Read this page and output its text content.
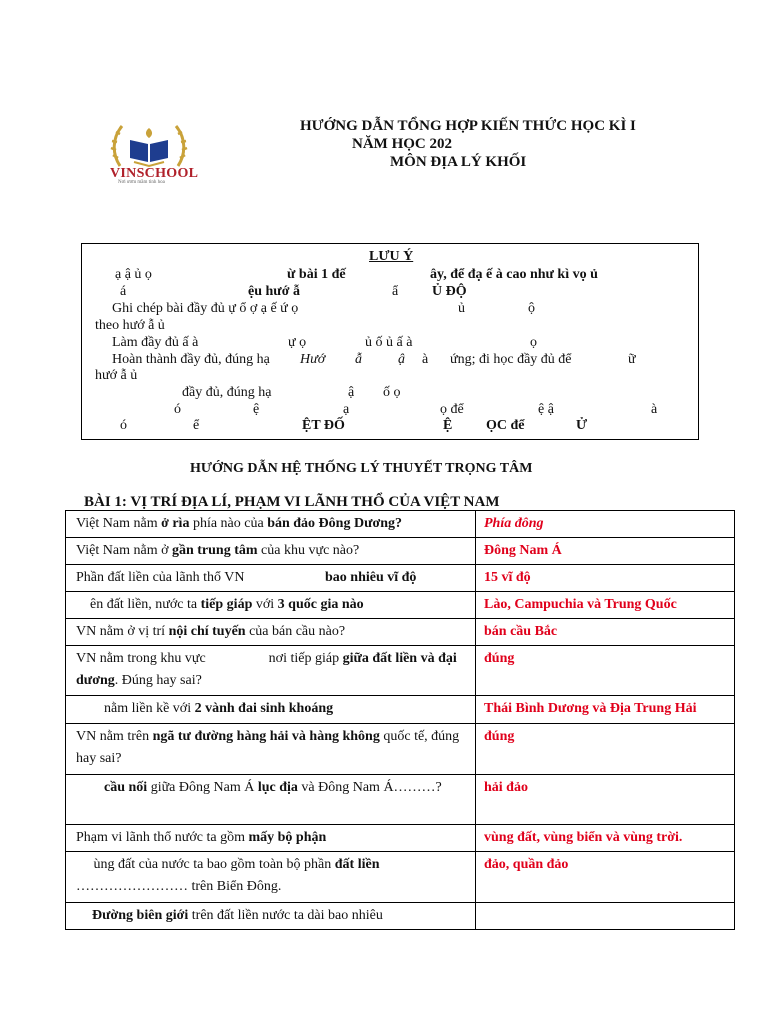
VINSCHOOL
Nơi ươm mầm tinh hoa
HƯỚNG DẪN TỔNG HỢP KIẾN THỨC HỌC KÌ I
NĂM HỌC 202
MÔN ĐỊA LÝ KHỐI
LƯU Ý
ạ ậ ủ ọ	ừ bài 1 đế	ây, để đạ ế à cao như kì vọ ủ
á	ệu hướ ẫ	ẩ Ủ ĐỘ
Ghi chép bài đầy đủ ự ổ ợ ạ ế ứ ọ	ủ	ộ
theo hướ ẫ ủ
Làm đầy đủ ấ à	ự ọ	ủ ố ủ ấ à	ọ
Hoàn thành đầy đủ, đúng hạ Hướ ẫ	ậ à ứng; đi học đầy đủ để	ữ
hướ ẫ ủ
đầy đủ, đúng hạ	ậ ố ọ
ó	ệ	ạ	ọ để	ệ ậ	à
ó	ể	ỆT ĐỐ	Ệ ỌC để	Ử
HƯỚNG DẪN HỆ THỐNG LÝ THUYẾT TRỌNG TÂM
BÀI 1: VỊ TRÍ ĐỊA LÍ, PHẠM VI LÃNH THỔ CỦA VIỆT NAM
Việt Nam nằm ở rìa phía nào của bán đảo Đông Dương?	Phía đông
Việt Nam nằm ở gần trung tâm của khu vực nào?	Đông Nam Á
Phần đất liền của lãnh thổ VN bao nhiêu vĩ độ	15 vĩ độ
ên đất liền, nước ta tiếp giáp với 3 quốc gia nào	Lào, Campuchia và Trung Quốc
VN nằm ở vị trí nội chí tuyến của bán cầu nào?	bán cầu Bắc
VN nằm trong khu vực                  nơi tiếp giáp giữa đất liền và đại dương. Đúng hay sai?	đúng
nằm liền kề với 2 vành đai sinh khoáng	Thái Bình Dương và Địa Trung Hải
VN nằm trên ngã tư đường hàng hải và hàng không quốc tế, đúng hay sai?	đúng
cầu nối giữa Đông Nam Á lục địa và Đông Nam Á………?	hải đảo
Phạm vi lãnh thổ nước ta gồm mấy bộ phận	vùng đất, vùng biển và vùng trời.
ùng đất của nước ta bao gồm toàn bộ phần đất liền …………………… trên Biển Đông.	đảo, quần đảo
Đường biên giới trên đất liền nước ta dài bao nhiêu	
